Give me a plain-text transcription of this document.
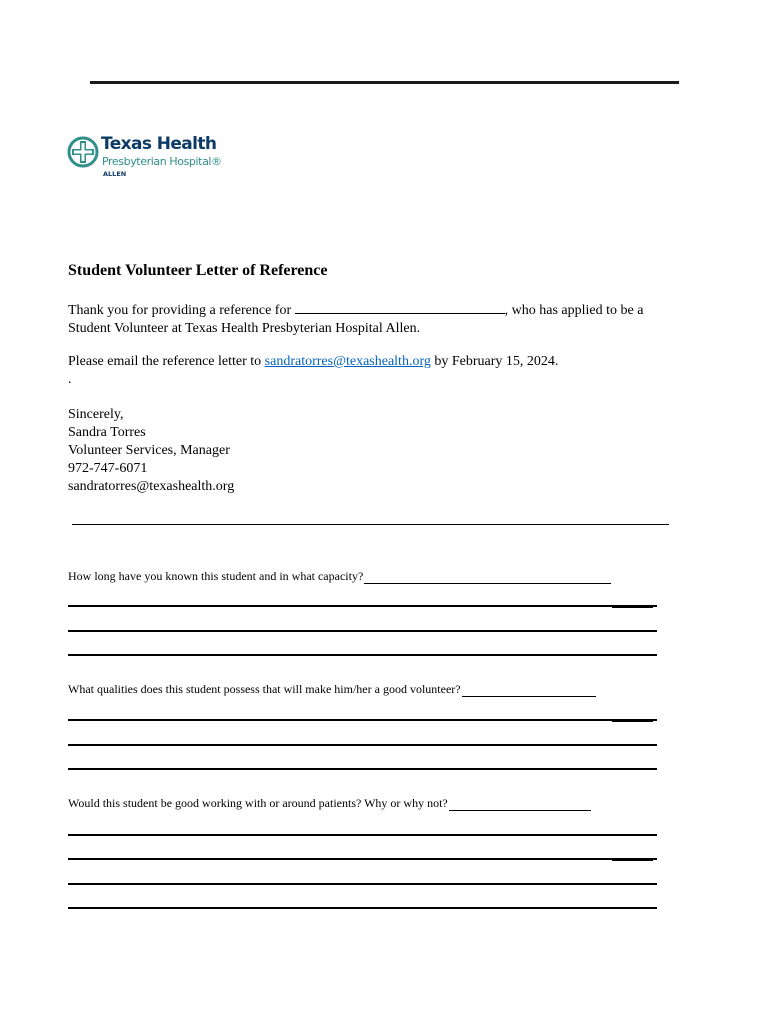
Texas Health
Presbyterian Hospital®
ALLEN
Student Volunteer Letter of Reference
Thank you for providing a reference for	, who has applied to be a
Student Volunteer at Texas Health Presbyterian Hospital Allen.
Please email the reference letter to sandratorres@texashealth.org by February 15, 2024.
.
Sincerely,
Sandra Torres
Volunteer Services, Manager
972-747-6071
sandratorres@texashealth.org
How long have you known this student and in what capacity?
What qualities does this student possess that will make him/her a good volunteer?
Would this student be good working with or around patients? Why or why not?
